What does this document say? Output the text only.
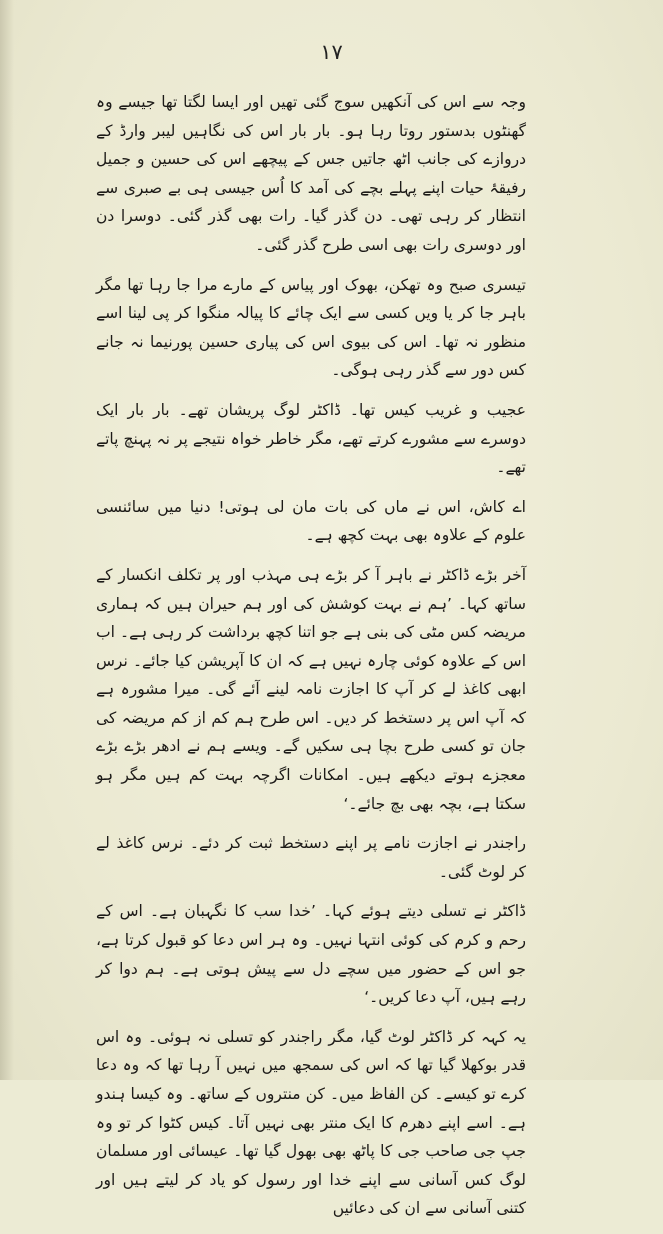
۱۷

وجہ سے اس کی آنکھیں سوج گئی تھیں اور ایسا لگتا تھا جیسے وہ گھنٹوں بدستور روتا رہا ہو۔ بار بار اس کی نگاہیں لیبر وارڈ کے دروازے کی جانب اٹھ جاتیں جس کے پیچھے اس کی حسین و جمیل رفیقۂ حیات اپنے پہلے بچے کی آمد کا اُس جیسی ہی بے صبری سے انتظار کر رہی تھی۔ دن گذر گیا۔ رات بھی گذر گئی۔ دوسرا دن اور دوسری رات بھی اسی طرح گذر گئی۔

تیسری صبح وہ تھکن، بھوک اور پیاس کے مارے مرا جا رہا تھا مگر باہر جا کر یا ویں کسی سے ایک چائے کا پیالہ منگوا کر پی لینا اسے منظور نہ تھا۔ اس کی بیوی اس کی پیاری حسین پورنیما نہ جانے کس دور سے گذر رہی ہوگی۔

عجیب و غریب کیس تھا۔ ڈاکٹر لوگ پریشان تھے۔ بار بار ایک دوسرے سے مشورے کرتے تھے، مگر خاطر خواہ نتیجے پر نہ پہنچ پاتے تھے۔

اے کاش، اس نے ماں کی بات مان لی ہوتی! دنیا میں سائنسی علوم کے علاوہ بھی بہت کچھ ہے۔

آخر بڑے ڈاکٹر نے باہر آ کر بڑے ہی مہذب اور پر تکلف انکسار کے ساتھ کہا۔ ’ہم نے بہت کوشش کی اور ہم حیران ہیں کہ ہماری مریضہ کس مٹی کی بنی ہے جو اتنا کچھ برداشت کر رہی ہے۔ اب اس کے علاوہ کوئی چارہ نہیں ہے کہ ان کا آپریشن کیا جائے۔ نرس ابھی کاغذ لے کر آپ کا اجازت نامہ لینے آئے گی۔ میرا مشورہ ہے کہ آپ اس پر دستخط کر دیں۔ اس طرح ہم کم از کم مریضہ کی جان تو کسی طرح بچا ہی سکیں گے۔ ویسے ہم نے ادھر بڑے بڑے معجزے ہوتے دیکھے ہیں۔ امکانات اگرچہ بہت کم ہیں مگر ہو سکتا ہے، بچہ بھی بچ جائے۔‘

راجندر نے اجازت نامے پر اپنے دستخط ثبت کر دئے۔ نرس کاغذ لے کر لوٹ گئی۔

ڈاکٹر نے تسلی دیتے ہوئے کہا۔ ’خدا سب کا نگہبان ہے۔ اس کے رحم و کرم کی کوئی انتہا نہیں۔ وہ ہر اس دعا کو قبول کرتا ہے، جو اس کے حضور میں سچے دل سے پیش ہوتی ہے۔ ہم دوا کر رہے ہیں، آپ دعا کریں۔‘

یہ کہہ کر ڈاکٹر لوٹ گیا، مگر راجندر کو تسلی نہ ہوئی۔ وہ اس قدر بوکھلا گیا تھا کہ اس کی سمجھ میں نہیں آ رہا تھا کہ وہ دعا کرے تو کیسے۔ کن الفاظ میں۔ کن منتروں کے ساتھ۔ وہ کیسا ہندو ہے۔ اسے اپنے دھرم کا ایک منتر بھی نہیں آتا۔ کیس کٹوا کر تو وہ جپ جی صاحب جی کا پاٹھ بھی بھول گیا تھا۔ عیسائی اور مسلمان لوگ کس آسانی سے اپنے خدا اور رسول کو یاد کر لیتے ہیں اور کتنی آسانی سے ان کی دعائیں
